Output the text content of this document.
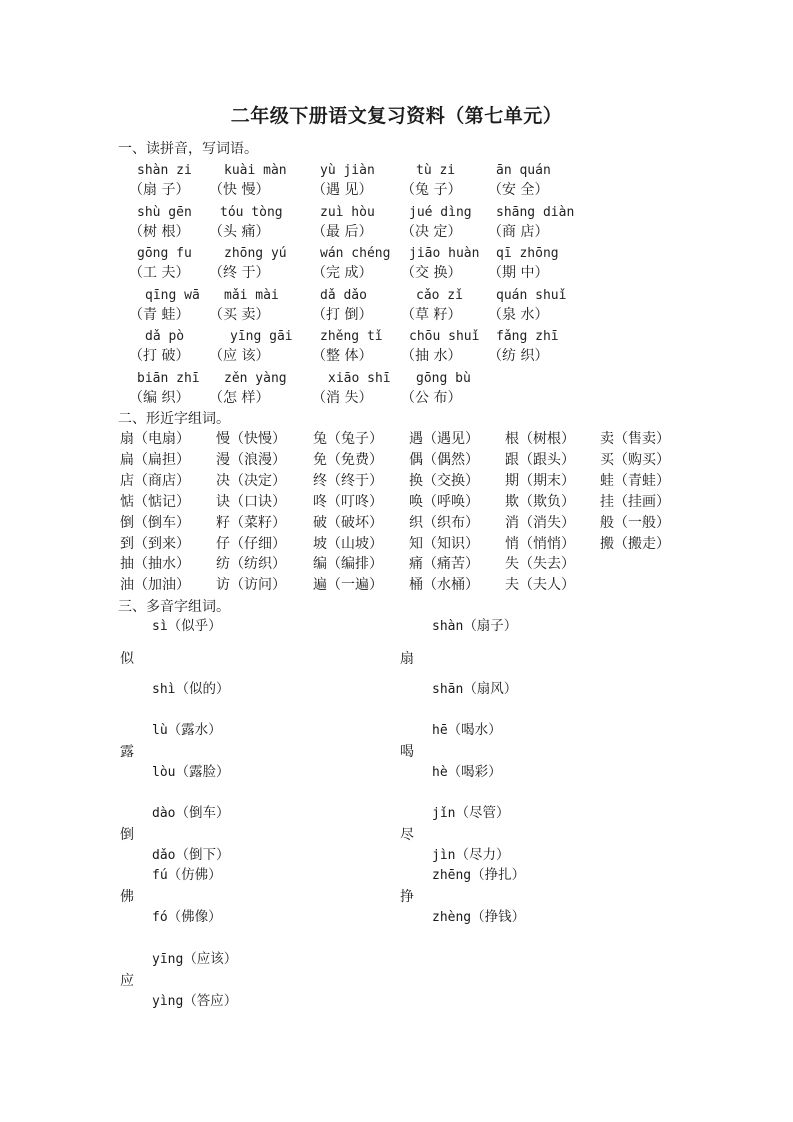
二年级下册语文复习资料（第七单元）
一、读拼音，写词语。
shàn zi
（扇 子）
kuài màn
（快 慢）
yù jiàn
（遇 见）
tù zi
（兔 子）
ān quán
（安 全）
shù gēn
（树 根）
tóu tòng
（头 痛）
zuì hòu
（最 后）
jué dìng
（决 定）
shāng diàn
（商 店）
gōng fu
（工 夫）
zhōng yú
（终 于）
wán chéng
（完 成）
jiāo huàn
（交 换）
qī zhōng
（期 中）
qīng wā
（青 蛙）
mǎi mài
（买 卖）
dǎ dǎo
（打 倒）
cǎo zǐ
（草 籽）
quán shuǐ
（泉 水）
dǎ pò
（打 破）
yīng gāi
（应 该）
zhěng tǐ
（整 体）
chōu shuǐ
（抽 水）
fǎng zhī
（纺 织）
biān zhī
（编 织）
zěn yàng
（怎 样）
xiāo shī
（消 失）
gōng bù
（公 布）
二、形近字组词。
扇（电扇） 慢（快慢） 兔（兔子） 遇（遇见） 根（树根） 卖（售卖）
扁（扁担） 漫（浪漫） 免（免费） 偶（偶然） 跟（跟头） 买（购买）
店（商店） 决（决定） 终（终于） 换（交换） 期（期末） 蛙（青蛙）
惦（惦记） 诀（口诀） 咚（叮咚） 唤（呼唤） 欺（欺负） 挂（挂画）
倒（倒车） 籽（菜籽） 破（破坏） 织（织布） 消（消失） 般（一般）
到（到来） 仔（仔细） 坡（山坡） 知（知识） 悄（悄悄） 搬（搬走）
抽（抽水） 纺（纺织） 编（编排） 痛（痛苦） 失（失去）
油（加油） 访（访问） 遍（一遍） 桶（水桶） 夫（夫人）
三、多音字组词。
似
sì（似乎）
shì（似的）
扇
shàn（扇子）
shān（扇风）
露
lù（露水）
lòu（露脸）
喝
hē（喝水）
hè（喝彩）
倒
dào（倒车）
dǎo（倒下）
尽
jǐn（尽管）
jìn（尽力）
佛
fú（仿佛）
fó（佛像）
挣
zhēng（挣扎）
zhèng（挣钱）
应
yīng（应该）
yìng（答应）
